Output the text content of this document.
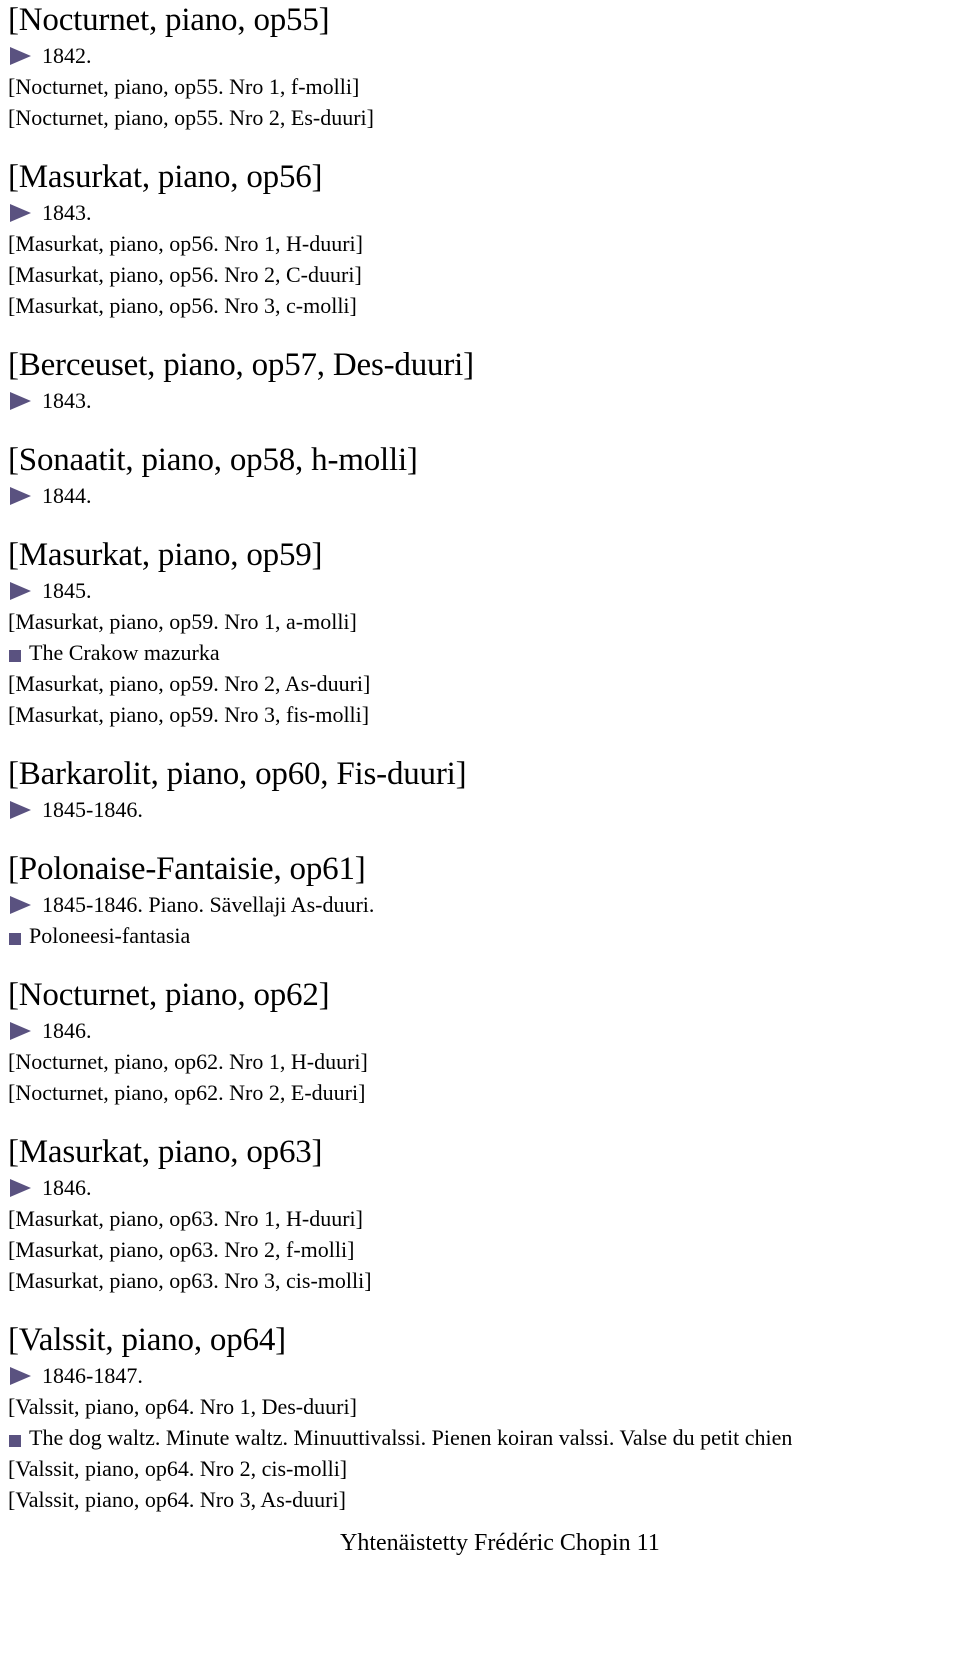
[Nocturnet, piano, op55]
1842.
[Nocturnet, piano, op55. Nro 1, f-molli]
[Nocturnet, piano, op55. Nro 2, Es-duuri]
[Masurkat, piano, op56]
1843.
[Masurkat, piano, op56. Nro 1, H-duuri]
[Masurkat, piano, op56. Nro 2, C-duuri]
[Masurkat, piano, op56. Nro 3, c-molli]
[Berceuset, piano, op57, Des-duuri]
1843.
[Sonaatit, piano, op58, h-molli]
1844.
[Masurkat, piano, op59]
1845.
[Masurkat, piano, op59. Nro 1, a-molli]
The Crakow mazurka
[Masurkat, piano, op59. Nro 2, As-duuri]
[Masurkat, piano, op59. Nro 3, fis-molli]
[Barkarolit, piano, op60, Fis-duuri]
1845-1846.
[Polonaise-Fantaisie, op61]
1845-1846. Piano. Sävellaji As-duuri.
Poloneesi-fantasia
[Nocturnet, piano, op62]
1846.
[Nocturnet, piano, op62. Nro 1, H-duuri]
[Nocturnet, piano, op62. Nro 2, E-duuri]
[Masurkat, piano, op63]
1846.
[Masurkat, piano, op63. Nro 1, H-duuri]
[Masurkat, piano, op63. Nro 2, f-molli]
[Masurkat, piano, op63. Nro 3, cis-molli]
[Valssit, piano, op64]
1846-1847.
[Valssit, piano, op64. Nro 1, Des-duuri]
The dog waltz. Minute waltz. Minuuttivalssi. Pienen koiran valssi. Valse du petit chien
[Valssit, piano, op64. Nro 2, cis-molli]
[Valssit, piano, op64. Nro 3, As-duuri]
Yhtenäistetty Frédéric Chopin 11
